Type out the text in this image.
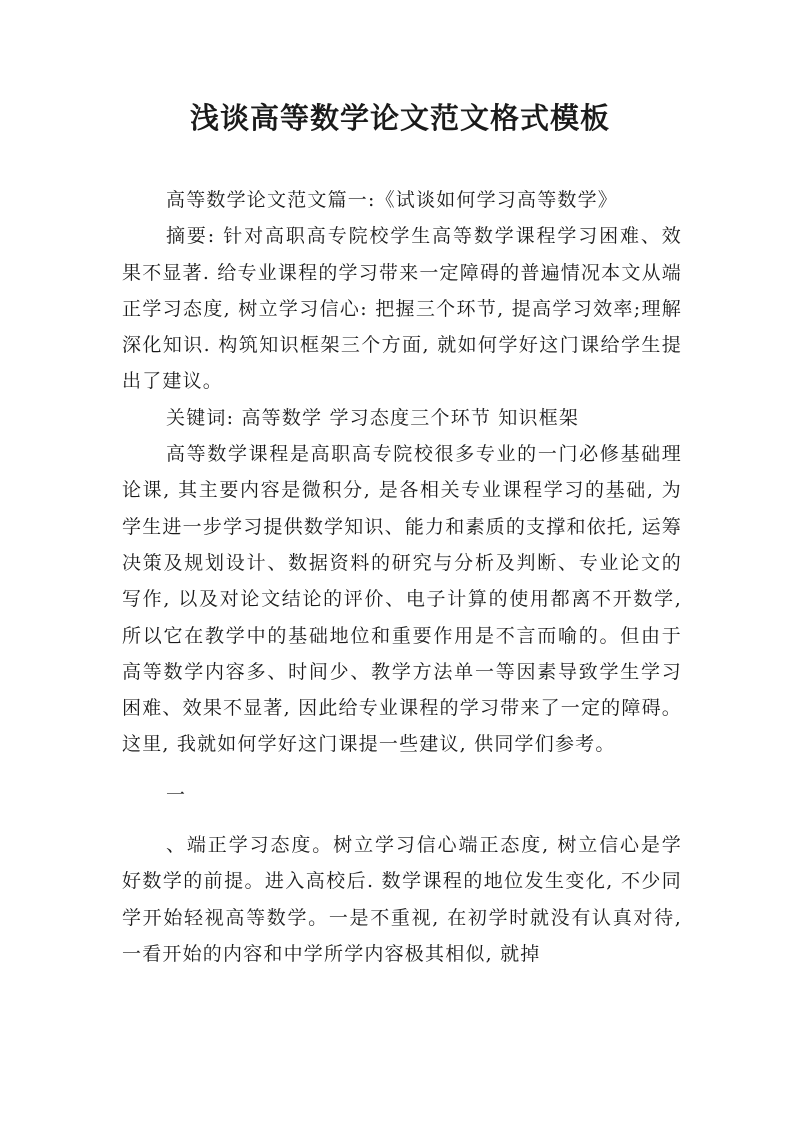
浅谈高等数学论文范文格式模板

高等数学论文范文篇一:《试谈如何学习高等数学》

摘要: 针对高职高专院校学生高等数学课程学习困难、效果不显著. 给专业课程的学习带来一定障碍的普遍情况本文从端正学习态度, 树立学习信心: 把握三个环节, 提高学习效率;理解深化知识. 构筑知识框架三个方面, 就如何学好这门课给学生提出了建议。

关键词: 高等数学 学习态度三个环节 知识框架

高等数学课程是高职高专院校很多专业的一门必修基础理论课, 其主要内容是微积分, 是各相关专业课程学习的基础, 为学生进一步学习提供数学知识、能力和素质的支撑和依托, 运筹决策及规划设计、数据资料的研究与分析及判断、专业论文的写作, 以及对论文结论的评价、电子计算的使用都离不开数学, 所以它在教学中的基础地位和重要作用是不言而喻的。但由于高等数学内容多、时间少、教学方法单一等因素导致学生学习困难、效果不显著, 因此给专业课程的学习带来了一定的障碍。这里, 我就如何学好这门课提一些建议, 供同学们参考。

一

、端正学习态度。树立学习信心端正态度, 树立信心是学好数学的前提。进入高校后. 数学课程的地位发生变化, 不少同学开始轻视高等数学。一是不重视, 在初学时就没有认真对待, 一看开始的内容和中学所学内容极其相似, 就掉
